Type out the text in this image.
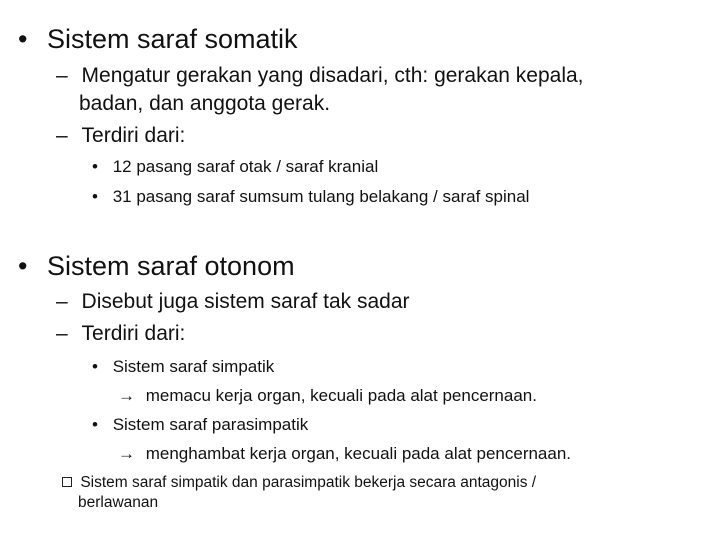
• Sistem saraf somatik
– Mengatur gerakan yang disadari, cth: gerakan kepala,
badan, dan anggota gerak.
– Terdiri dari:
• 12 pasang saraf otak / saraf kranial
• 31 pasang saraf sumsum tulang belakang / saraf spinal
• Sistem saraf otonom
– Disebut juga sistem saraf tak sadar
– Terdiri dari:
• Sistem saraf simpatik
→ memacu kerja organ, kecuali pada alat pencernaan.
• Sistem saraf parasimpatik
→ menghambat kerja organ, kecuali pada alat pencernaan.
Sistem saraf simpatik dan parasimpatik bekerja secara antagonis /
berlawanan
